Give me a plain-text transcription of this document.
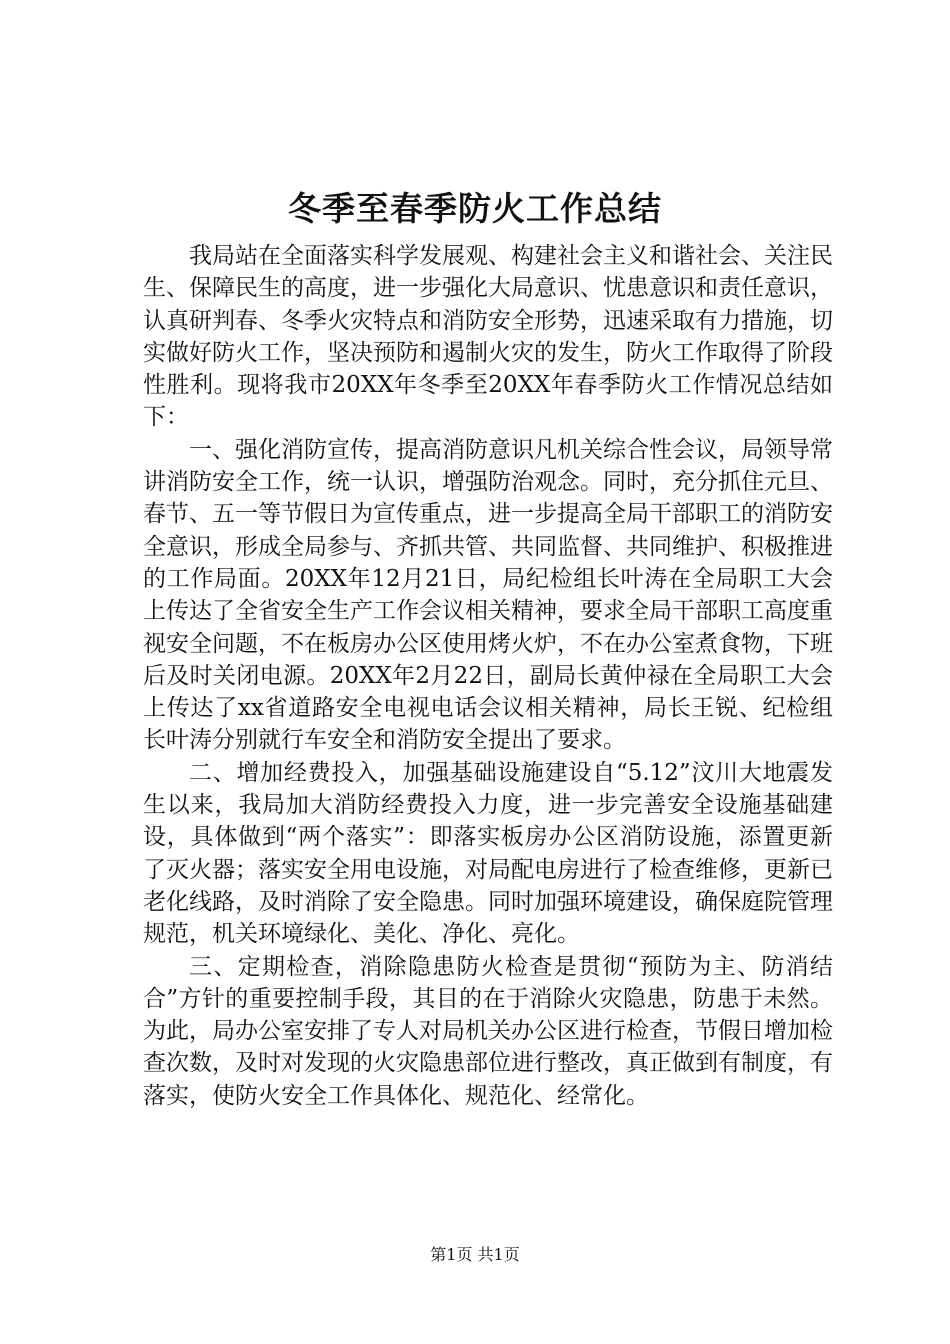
冬季至春季防火工作总结

我局站在全面落实科学发展观、构建社会主义和谐社会、关注民生、保障民生的高度，进一步强化大局意识、忧患意识和责任意识，认真研判春、冬季火灾特点和消防安全形势，迅速采取有力措施，切实做好防火工作，坚决预防和遏制火灾的发生，防火工作取得了阶段性胜利。现将我市20XX年冬季至20XX年春季防火工作情况总结如下：

一、强化消防宣传，提高消防意识凡机关综合性会议，局领导常讲消防安全工作，统一认识，增强防治观念。同时，充分抓住元旦、春节、五一等节假日为宣传重点，进一步提高全局干部职工的消防安全意识，形成全局参与、齐抓共管、共同监督、共同维护、积极推进的工作局面。20XX年12月21日，局纪检组长叶涛在全局职工大会上传达了全省安全生产工作会议相关精神，要求全局干部职工高度重视安全问题，不在板房办公区使用烤火炉，不在办公室煮食物，下班后及时关闭电源。20XX年2月22日，副局长黄仲禄在全局职工大会上传达了xx省道路安全电视电话会议相关精神，局长王锐、纪检组长叶涛分别就行车安全和消防安全提出了要求。

二、增加经费投入，加强基础设施建设自“5.12”汶川大地震发生以来，我局加大消防经费投入力度，进一步完善安全设施基础建设，具体做到“两个落实”：即落实板房办公区消防设施，添置更新了灭火器；落实安全用电设施，对局配电房进行了检查维修，更新已老化线路，及时消除了安全隐患。同时加强环境建设，确保庭院管理规范，机关环境绿化、美化、净化、亮化。

三、定期检查，消除隐患防火检查是贯彻“预防为主、防消结合”方针的重要控制手段，其目的在于消除火灾隐患，防患于未然。为此，局办公室安排了专人对局机关办公区进行检查，节假日增加检查次数，及时对发现的火灾隐患部位进行整改，真正做到有制度，有落实，使防火安全工作具体化、规范化、经常化。

第1页 共1页
